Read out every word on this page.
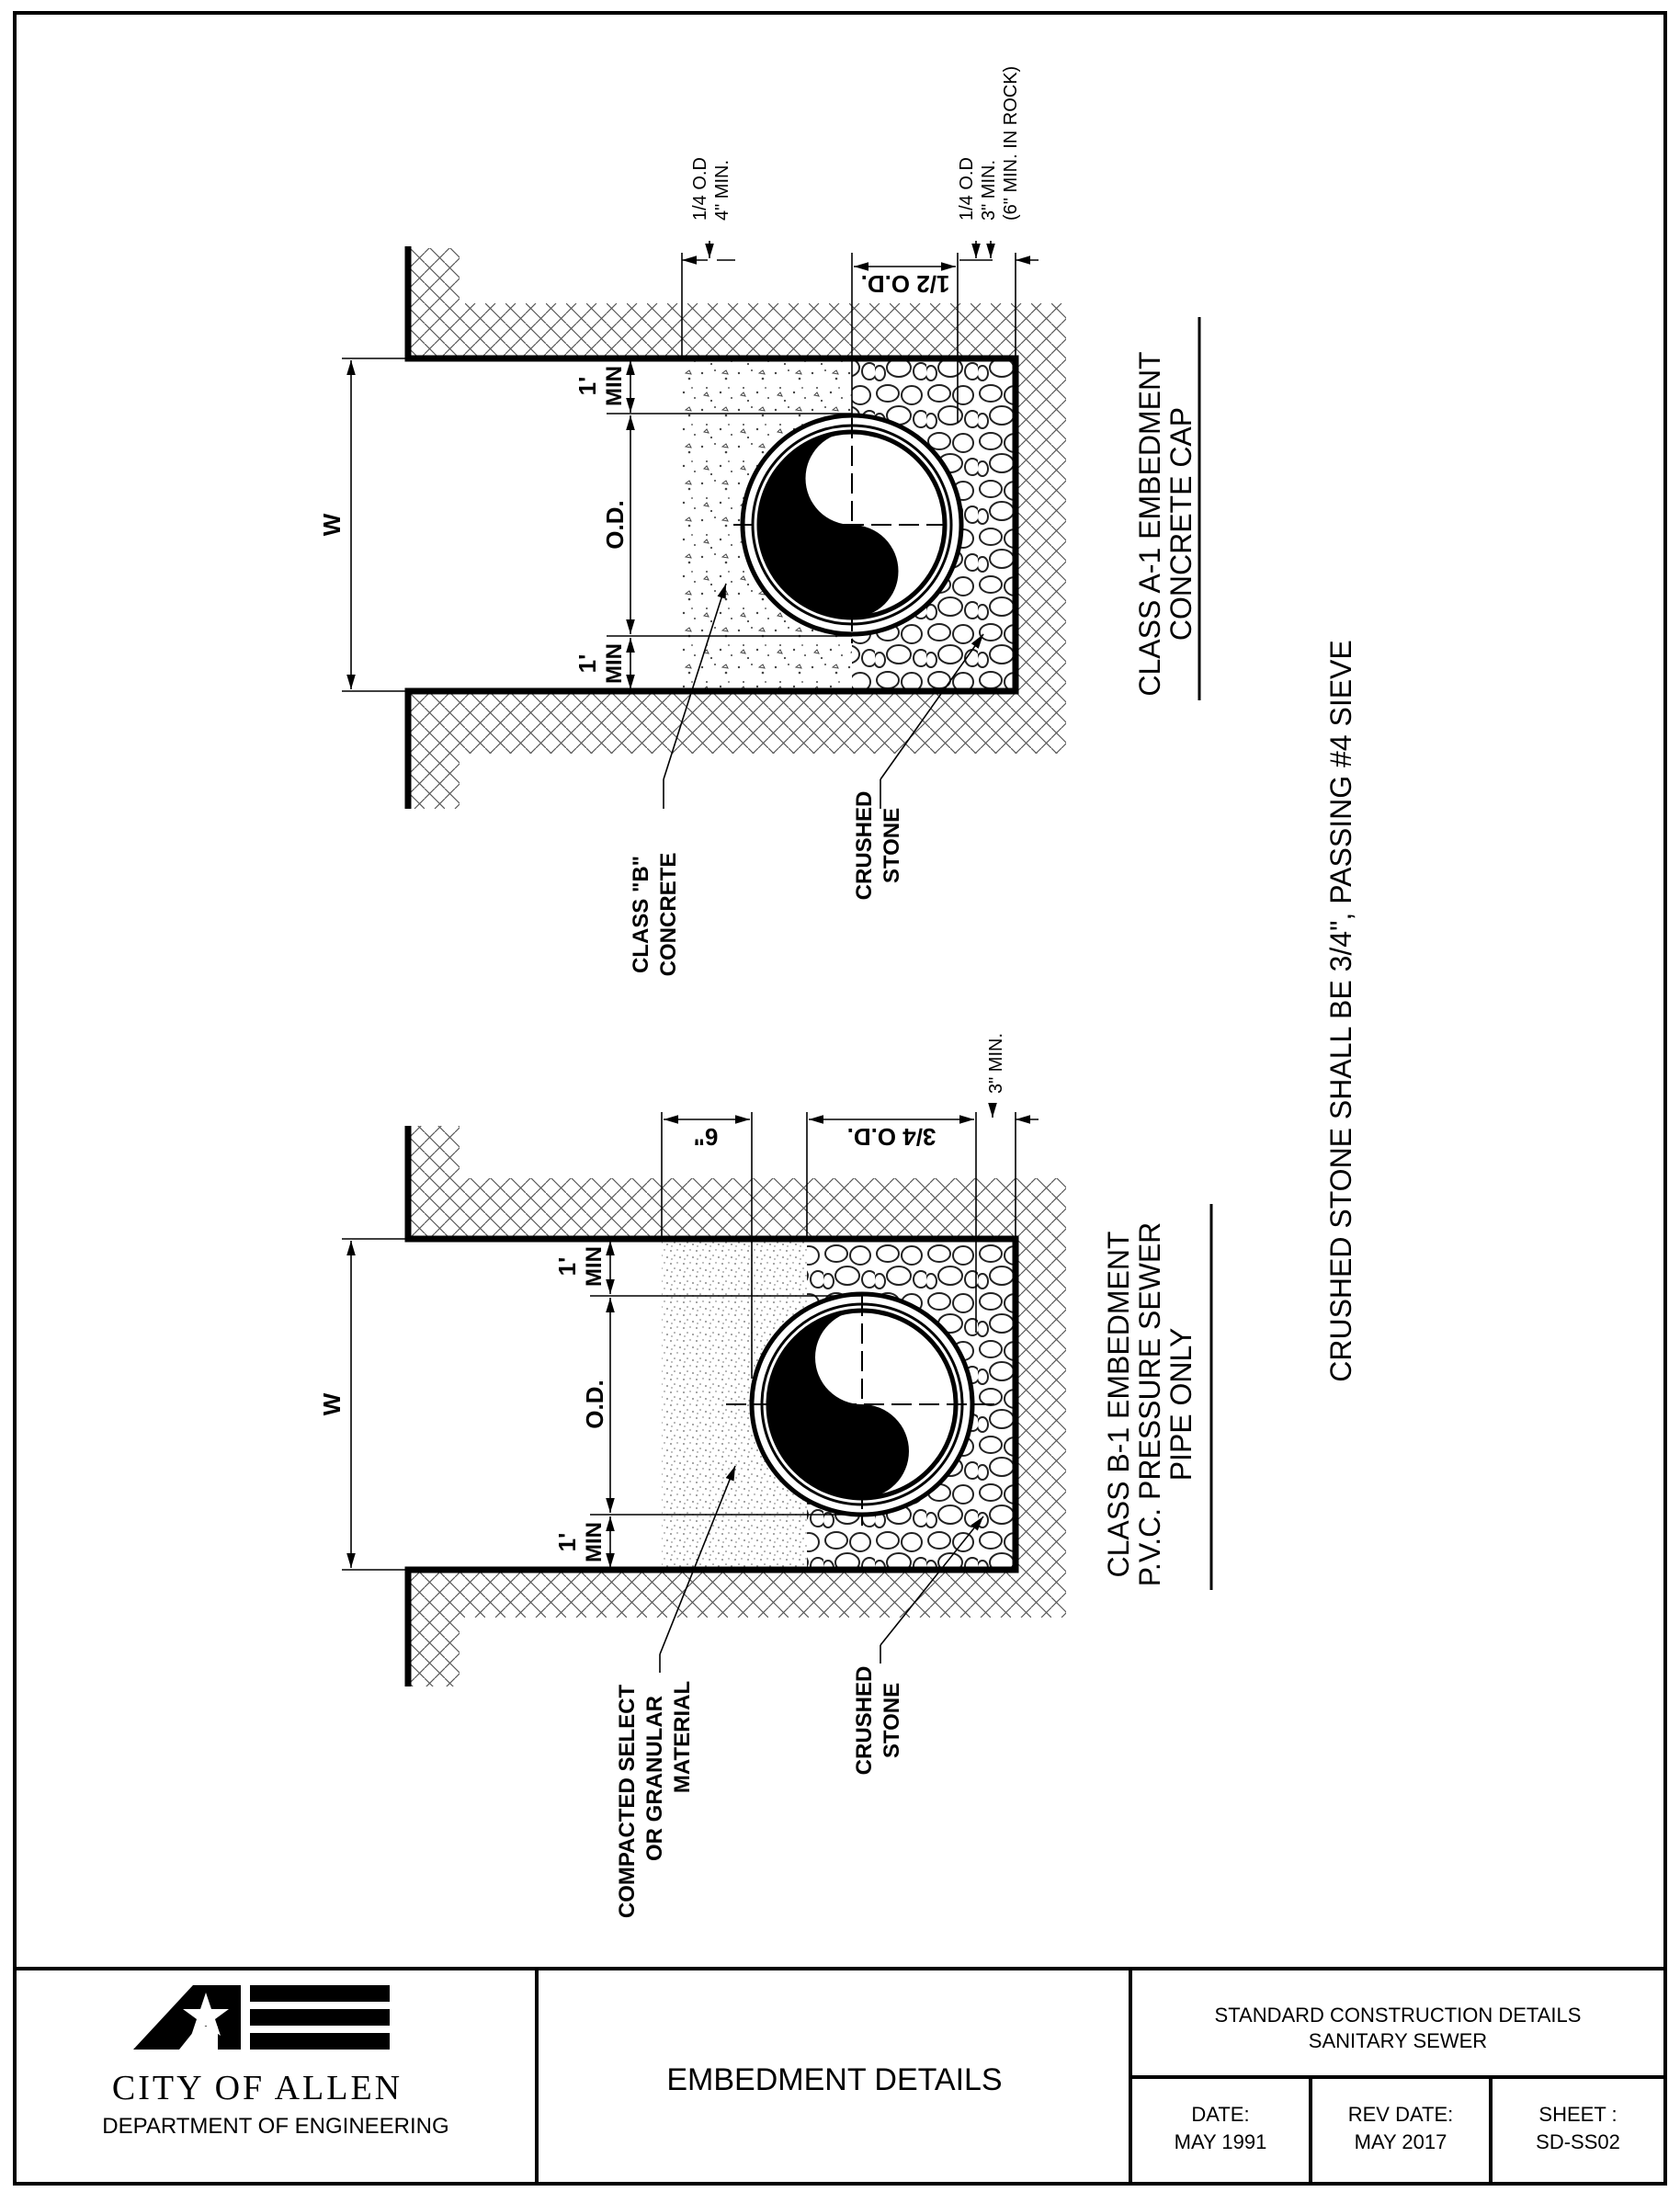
W	O.D.
1' MIN
1' MIN
1/2 O.D.
CLASS "B" CONCRETE
CRUSHED STONE
1/4 O.D 4" MIN.	1/4 O.D 3" MIN. (6" MIN. IN ROCK)
CLASS A-1 EMBEDMENT
CONCRETE CAP
W	O.D.
1' MIN
1' MIN
6"	3/4 O.D.
COMPACTED SELECT OR GRANULAR MATERIAL	CRUSHED STONE
3" MIN.
CLASS B-1 EMBEDMENT
P.V.C. PRESSURE SEWER
PIPE ONLY
CRUSHED STONE SHALL BE 3/4", PASSING #4 SIEVE
CITY OF ALLEN
DEPARTMENT OF ENGINEERING
EMBEDMENT DETAILS
STANDARD CONSTRUCTION DETAILS
SANITARY SEWER
DATE:
MAY 1991
REV DATE:
MAY 2017
SHEET :
SD-SS02
